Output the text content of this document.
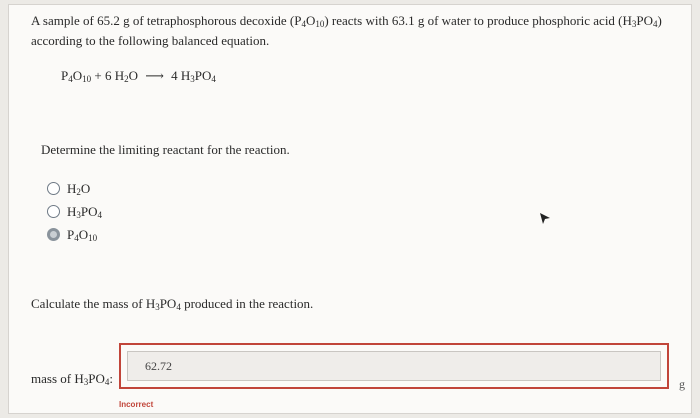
A sample of 65.2 g of tetraphosphorous decoxide $(P_4O_{10})$ reacts with 63.1 g of water to produce phosphoric acid $(H_3PO_4)$
according to the following balanced equation.
$P_4O_{10} + 6$ $H_2O$ ⟶ 4 $H_3PO_4$
Determine the limiting reactant for the reaction.
$H_2O$
$H_3PO_4$
$P_4O_{10}$
Calculate the mass of $H_3PO_4$ produced in the reaction.
mass of $H_3PO_4$:
62.72
g
Incorrect
